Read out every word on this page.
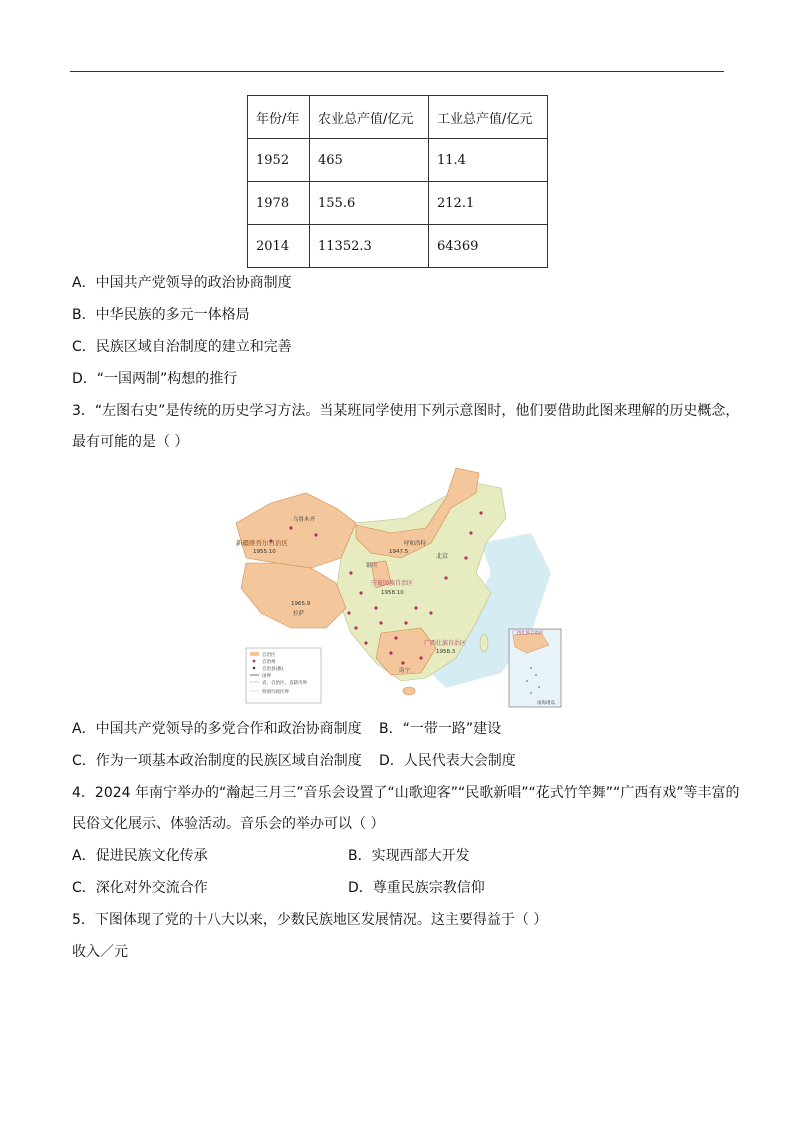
年份/年	农业总产值/亿元	工业总产值/亿元
1952	465	11.4
1978	155.6	212.1
2014	11352.3	64369
A．中国共产党领导的政治协商制度
B．中华民族的多元一体格局
C．民族区域自治制度的建立和完善
D．“一国两制”构想的推行
3．“左图右史”是传统的历史学习方法。当某班同学使用下列示意图时，他们要借助此图来理解的历史概念，
最有可能的是（ ）
新疆维吾尔自治区
1955.10
乌鲁木齐
1965.9
拉萨
1947.5
呼和浩特
北京
银川
宁夏回族自治区
1958.10
广西壮族自治区
1958.3
南宁
自治区
自治州
自治县(旗)
国界
省、自治区、直辖市界
特别行政区界
广西壮族自治区
南海诸岛
A．中国共产党领导的多党合作和政治协商制度 B．“一带一路”建设
C．作为一项基本政治制度的民族区域自治制度 D．人民代表大会制度
4．2024 年南宁举办的“瀚起三月三”音乐会设置了“山歌迎客”“民歌新唱”“花式竹竿舞”“广西有戏”等丰富的
民俗文化展示、体验活动。音乐会的举办可以（ ）
A．促进民族文化传承	B．实现西部大开发
C．深化对外交流合作	D．尊重民族宗教信仰
5．下图体现了党的十八大以来，少数民族地区发展情况。这主要得益于（ ）
收入／元
